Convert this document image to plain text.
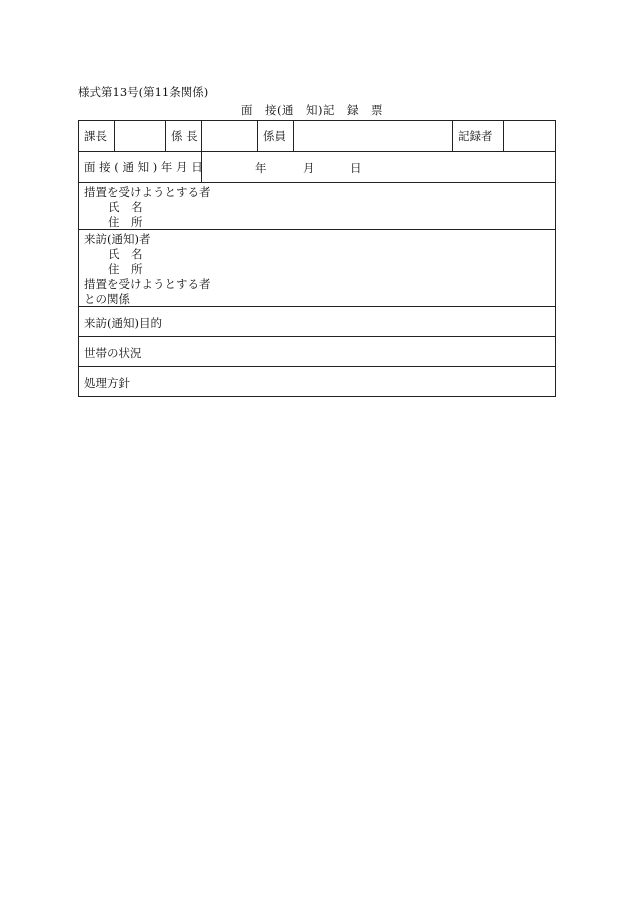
様式第13号(第11条関係)
面　接(通　知)記　録　票
課長	係 長	係員	記録者
面 接 ( 通 知 ) 年 月 日	年	月	日
措置を受けようとする者
氏　名
住　所
来訪(通知)者
氏　名
住　所
措置を受けようとする者
との関係
来訪(通知)目的
世帯の状況
処理方針
